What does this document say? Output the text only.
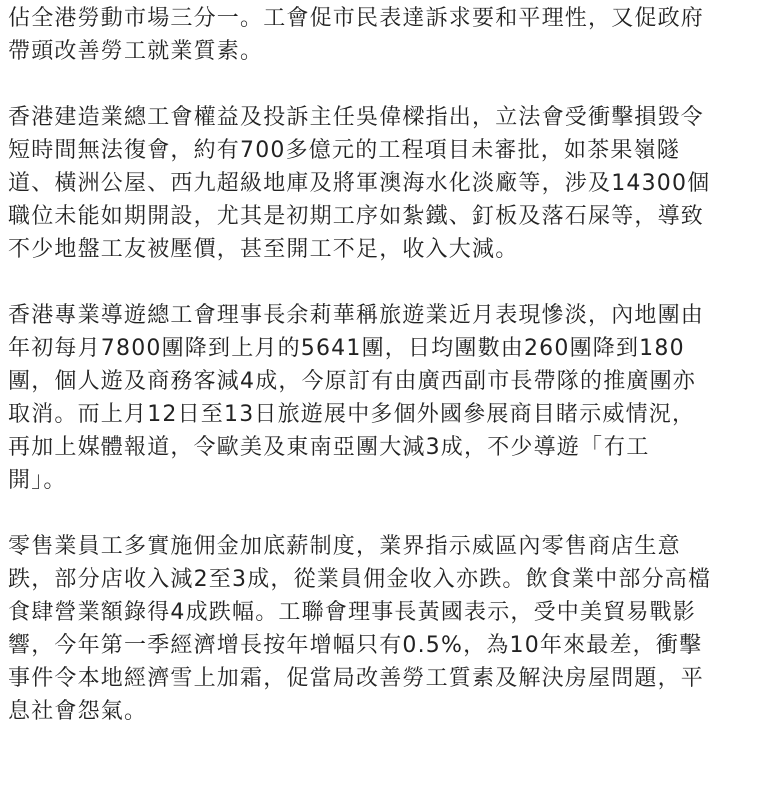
佔全港勞動市場三分一。工會促市民表達訴求要和平理性，又促政府
帶頭改善勞工就業質素。
香港建造業總工會權益及投訴主任吳偉樑指出，立法會受衝擊損毀令
短時間無法復會，約有700多億元的工程項目未審批，如茶果嶺隧
道、橫洲公屋、西九超級地庫及將軍澳海水化淡廠等，涉及14300個
職位未能如期開設，尤其是初期工序如紮鐵、釘板及落石屎等，導致
不少地盤工友被壓價，甚至開工不足，收入大減。
香港專業導遊總工會理事長余莉華稱旅遊業近月表現慘淡，內地團由
年初每月7800團降到上月的5641團，日均團數由260團降到180
團，個人遊及商務客減4成，今原訂有由廣西副市長帶隊的推廣團亦
取消。而上月12日至13日旅遊展中多個外國參展商目睹示威情況，
再加上媒體報道，令歐美及東南亞團大減3成，不少導遊「冇工
開」。
零售業員工多實施佣金加底薪制度，業界指示威區內零售商店生意
跌，部分店收入減2至3成，從業員佣金收入亦跌。飲食業中部分高檔
食肆營業額錄得4成跌幅。工聯會理事長黃國表示，受中美貿易戰影
響，今年第一季經濟增長按年增幅只有0.5%，為10年來最差，衝擊
事件令本地經濟雪上加霜，促當局改善勞工質素及解決房屋問題，平
息社會怨氣。
